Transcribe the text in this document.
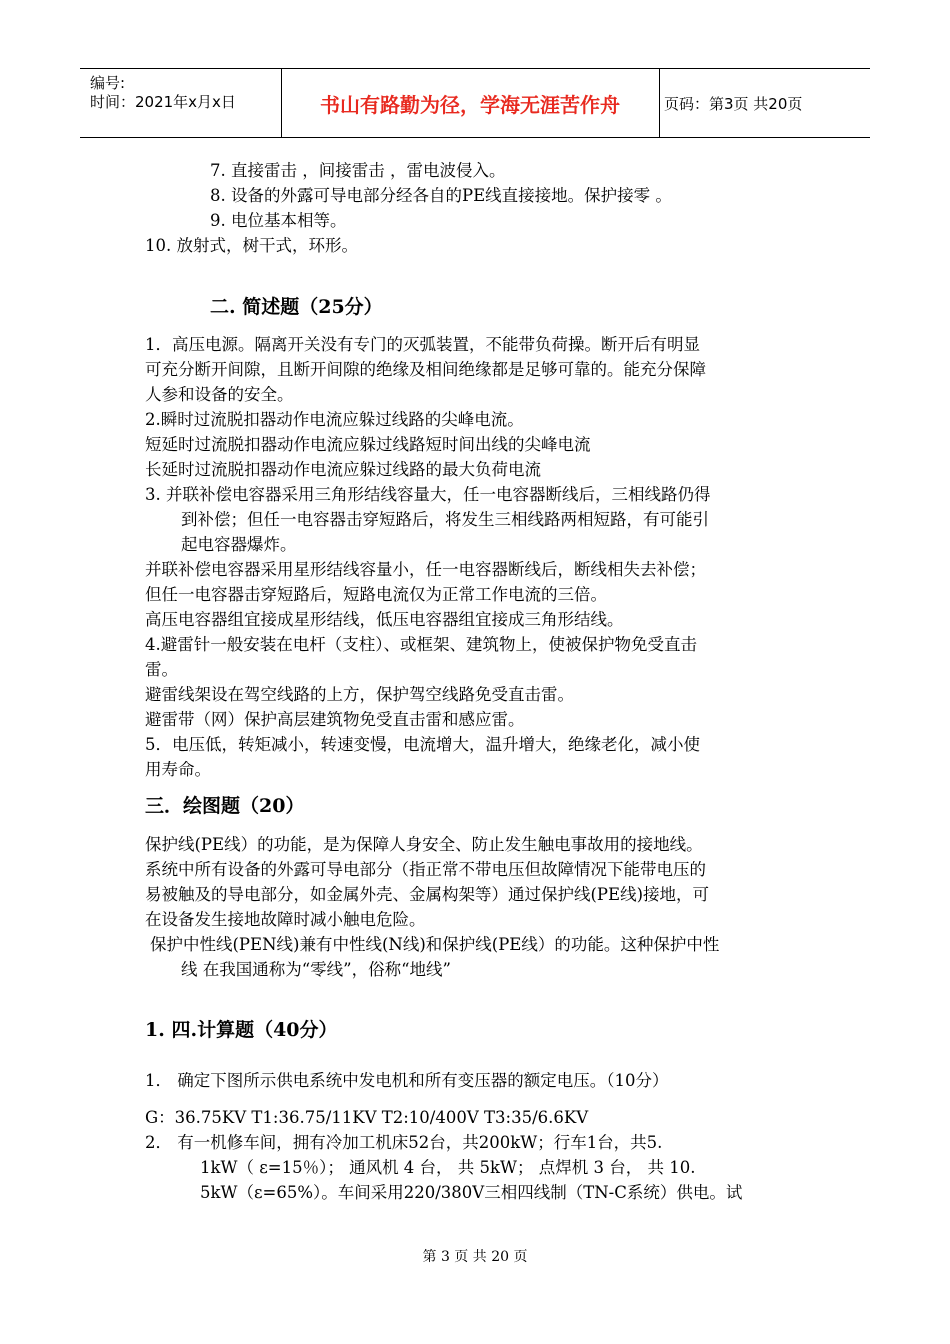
编号:
时间：2021年x月x日	书山有路勤为径，学海无涯苦作舟	页码：第3页 共20页
7. 直接雷击 ，间接雷击 ，雷电波侵入。
8. 设备的外露可导电部分经各自的PE线直接接地。保护接零 。
9. 电位基本相等。
10. 放射式，树干式，环形。
二. 简述题（25分）
1．高压电源。隔离开关没有专门的灭弧装置，不能带负荷操。断开后有明显
可充分断开间隙，且断开间隙的绝缘及相间绝缘都是足够可靠的。能充分保障
人参和设备的安全。
2.瞬时过流脱扣器动作电流应躲过线路的尖峰电流。
短延时过流脱扣器动作电流应躲过线路短时间出线的尖峰电流
长延时过流脱扣器动作电流应躲过线路的最大负荷电流
3. 并联补偿电容器采用三角形结线容量大，任一电容器断线后，三相线路仍得
到补偿；但任一电容器击穿短路后，将发生三相线路两相短路，有可能引
起电容器爆炸。
并联补偿电容器采用星形结线容量小，任一电容器断线后，断线相失去补偿；
但任一电容器击穿短路后，短路电流仅为正常工作电流的三倍。
高压电容器组宜接成星形结线，低压电容器组宜接成三角形结线。
4.避雷针一般安装在电杆（支柱）、或框架、建筑物上，使被保护物免受直击
雷。
避雷线架设在驾空线路的上方，保护驾空线路免受直击雷。
避雷带（网）保护高层建筑物免受直击雷和感应雷。
5．电压低，转矩减小，转速变慢，电流增大，温升增大，绝缘老化，减小使
用寿命。
三．绘图题（20）
保护线(PE线）的功能，是为保障人身安全、防止发生触电事故用的接地线。
系统中所有设备的外露可导电部分（指正常不带电压但故障情况下能带电压的
易被触及的导电部分，如金属外壳、金属构架等）通过保护线(PE线)接地，可
在设备发生接地故障时减小触电危险。
保护中性线(PEN线)兼有中性线(N线)和保护线(PE线）的功能。这种保护中性
线 在我国通称为“零线”，俗称“地线”
1. 四.计算题（40分）
1． 确定下图所示供电系统中发电机和所有变压器的额定电压。（10分）
G：36.75KV T1:36.75/11KV T2:10/400V T3:35/6.6KV
2． 有一机修车间，拥有冷加工机床52台，共200kW；行车1台，共5.
1kW（ ε=15％）； 通风机 4 台， 共 5kW； 点焊机 3 台， 共 10.
5kW（ε=65%）。车间采用220/380V三相四线制（TN-C系统）供电。试
第 3 页 共 20 页
